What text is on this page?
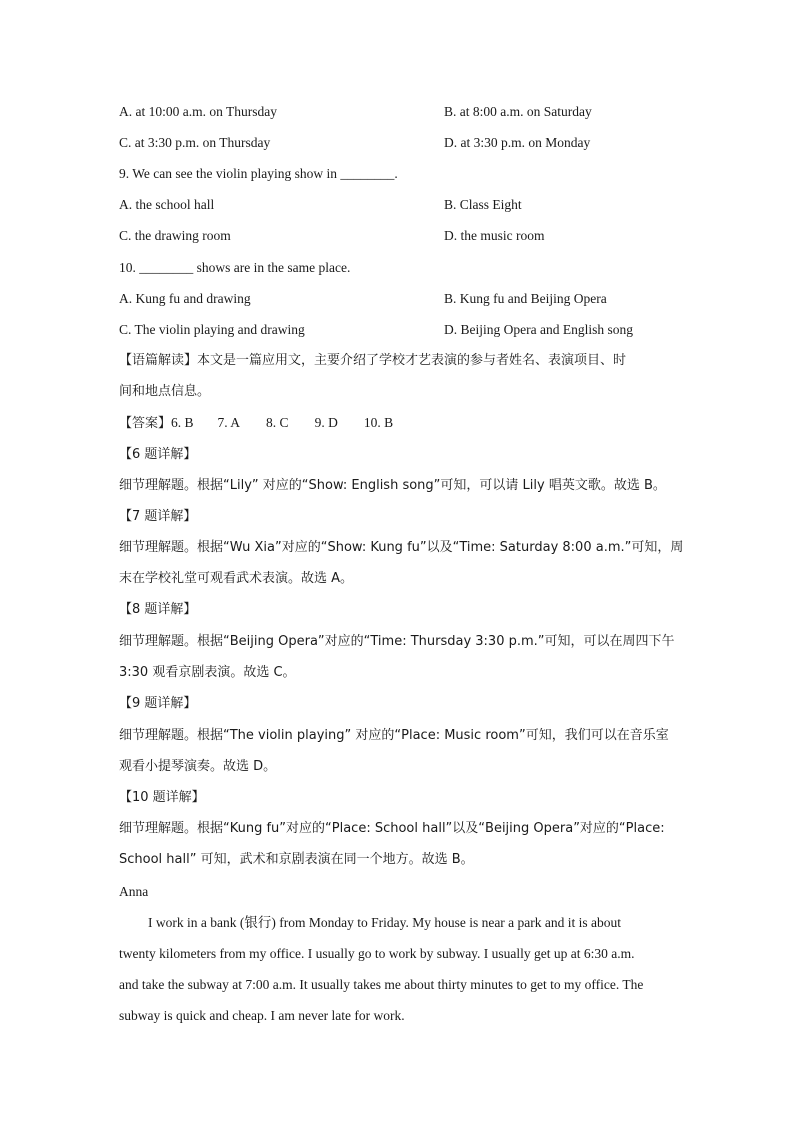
A. at 10:00 a.m. on Thursday	B. at 8:00 a.m. on Saturday
C. at 3:30 p.m. on Thursday	D. at 3:30 p.m. on Monday
9. We can see the violin playing show in ________.
A. the school hall	B. Class Eight
C. the drawing room	D. the music room
10. ________ shows are in the same place.
A. Kung fu and drawing	B. Kung fu and Beijing Opera
C. The violin playing and drawing	D. Beijing Opera and English song
【语篇解读】本文是一篇应用文，主要介绍了学校才艺表演的参与者姓名、表演项目、时
间和地点信息。
【答案】6. B 7. A 8. C 9. D 10. B
【6 题详解】
细节理解题。根据“Lily” 对应的“Show: English song”可知，可以请 Lily 唱英文歌。故选 B。
【7 题详解】
细节理解题。根据“Wu Xia”对应的“Show: Kung fu”以及“Time: Saturday 8:00 a.m.”可知，周
末在学校礼堂可观看武术表演。故选 A。
【8 题详解】
细节理解题。根据“Beijing Opera”对应的“Time: Thursday 3:30 p.m.”可知，可以在周四下午
3:30 观看京剧表演。故选 C。
【9 题详解】
细节理解题。根据“The violin playing” 对应的“Place: Music room”可知，我们可以在音乐室
观看小提琴演奏。故选 D。
【10 题详解】
细节理解题。根据“Kung fu”对应的“Place: School hall”以及“Beijing Opera”对应的“Place:
School hall” 可知，武术和京剧表演在同一个地方。故选 B。
Anna
I work in a bank (银行) from Monday to Friday. My house is near a park and it is about
twenty kilometers from my office. I usually go to work by subway. I usually get up at 6:30 a.m.
and take the subway at 7:00 a.m. It usually takes me about thirty minutes to get to my office. The
subway is quick and cheap. I am never late for work.
